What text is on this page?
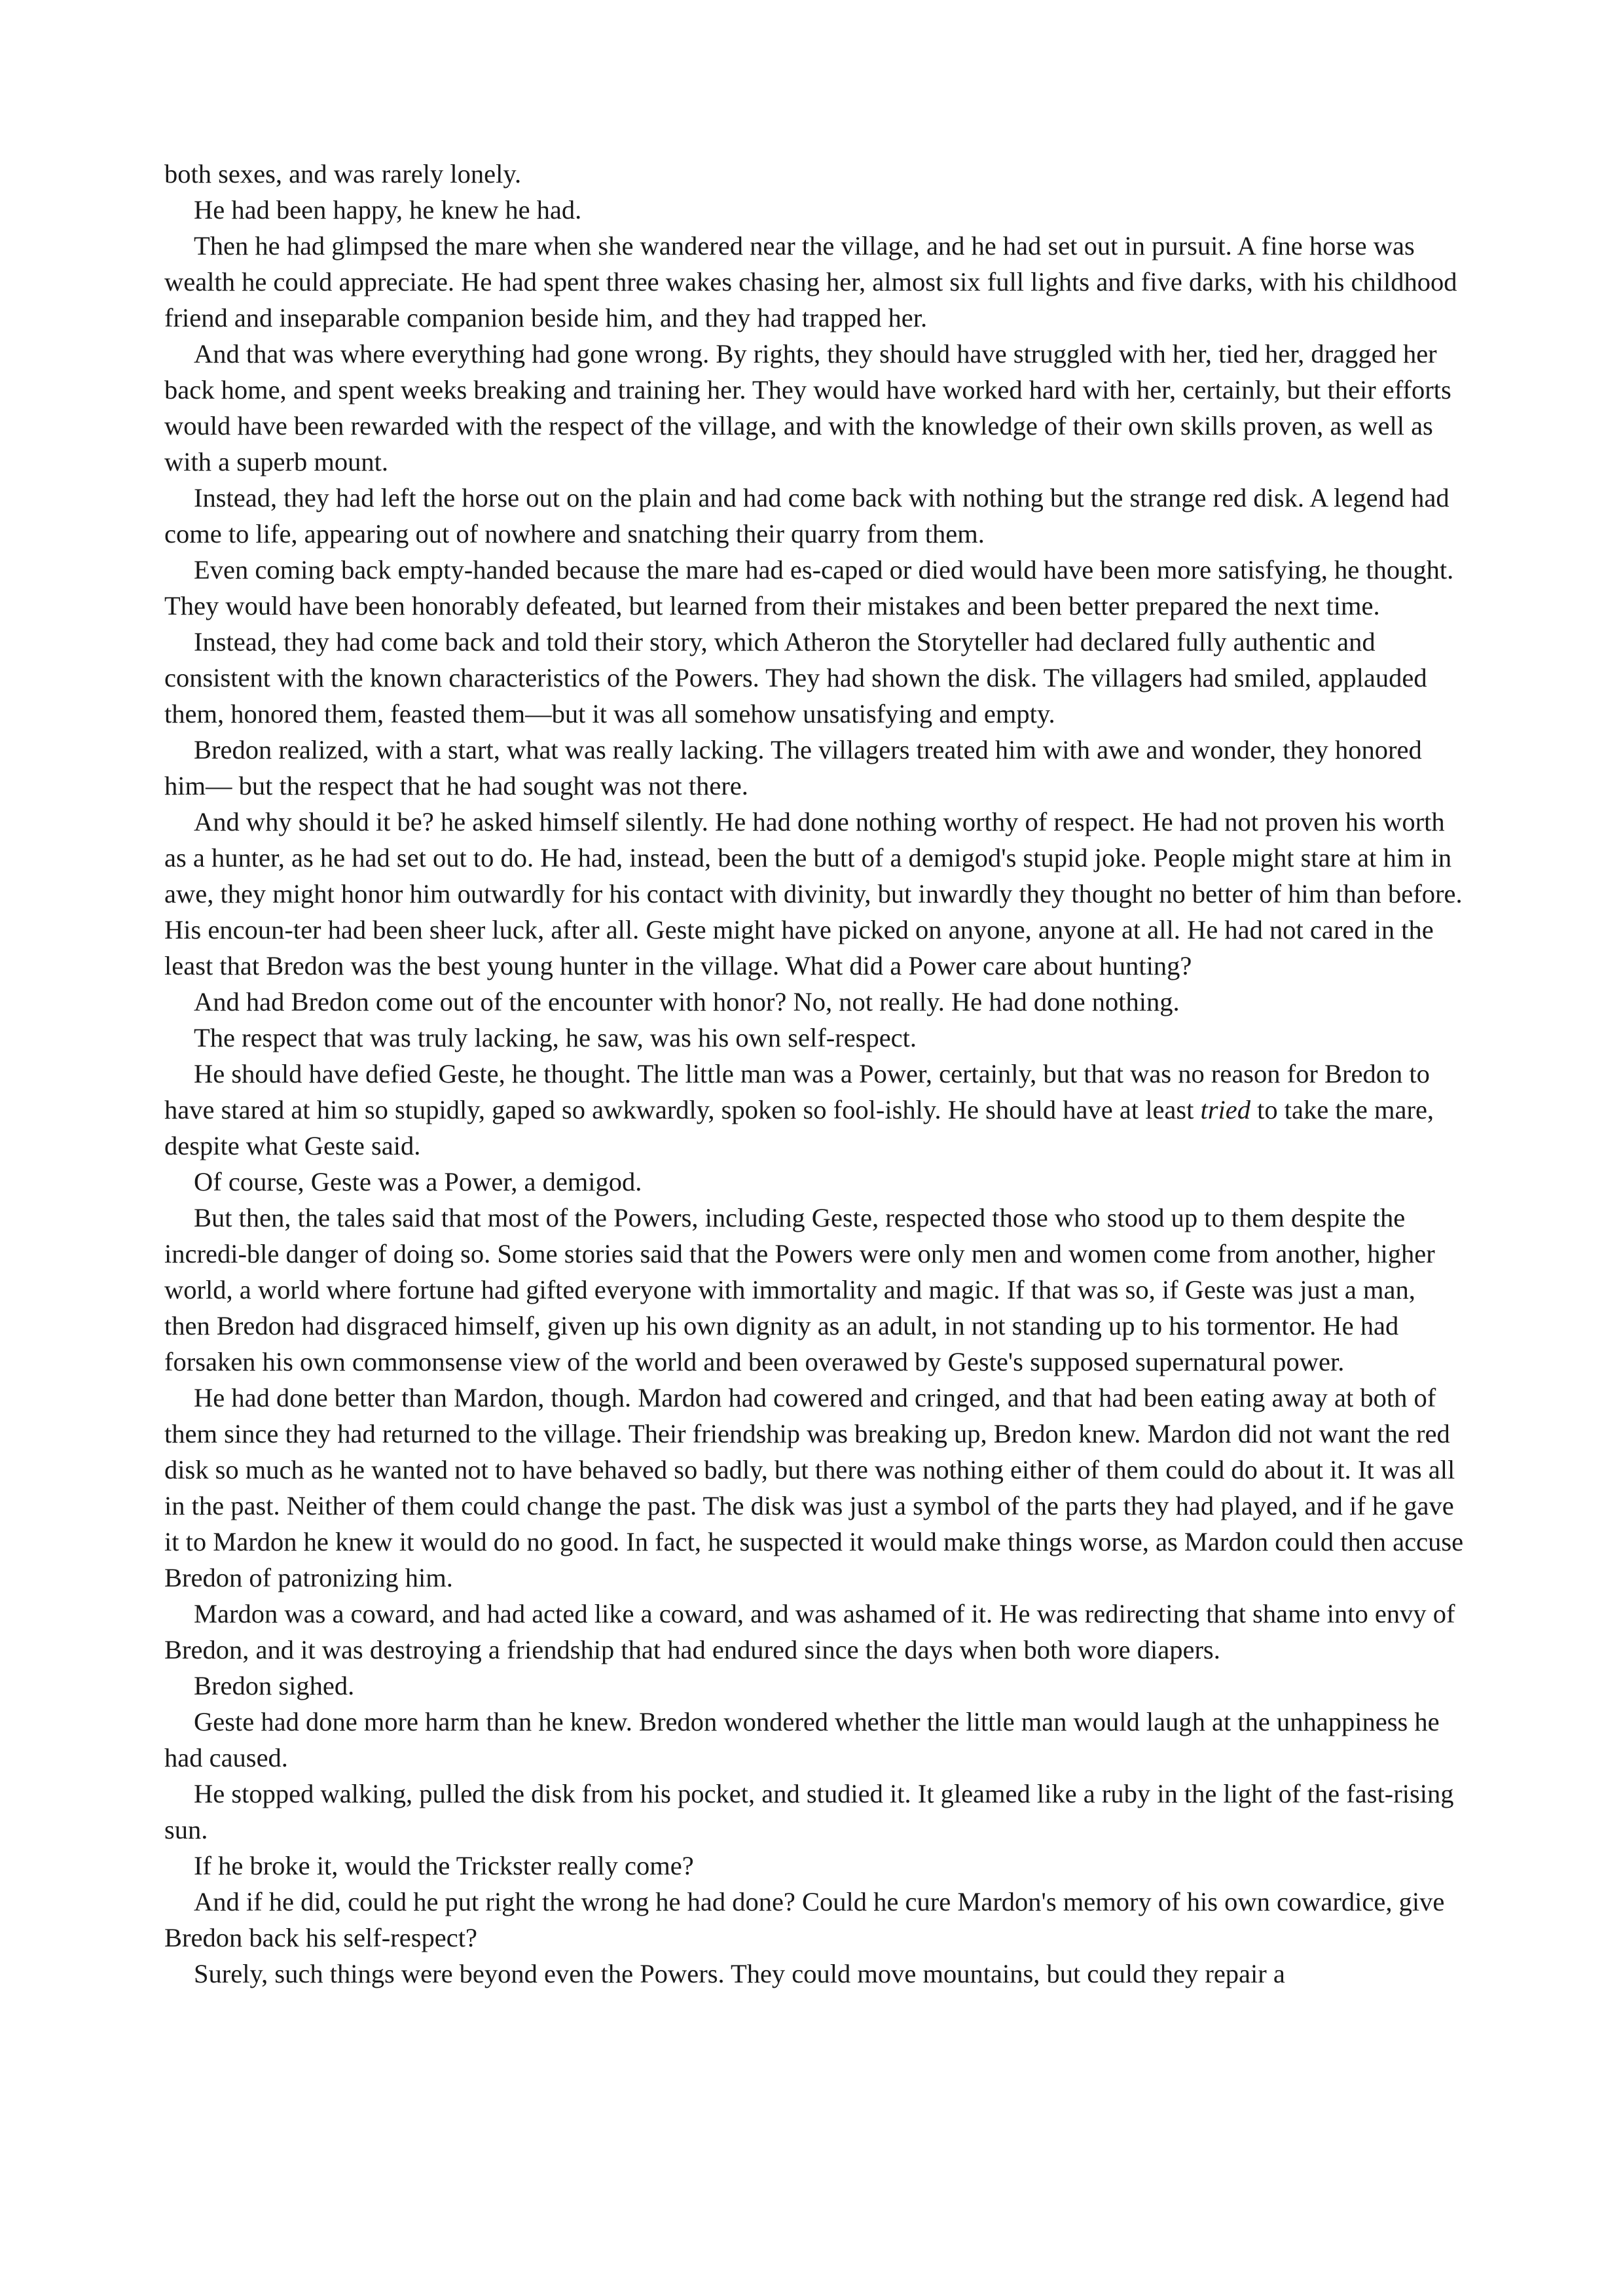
both sexes, and was rarely lonely.

He had been happy, he knew he had.

Then he had glimpsed the mare when she wandered near the village, and he had set out in pursuit. A fine horse was wealth he could appreciate. He had spent three wakes chasing her, almost six full lights and five darks, with his childhood friend and inseparable companion beside him, and they had trapped her.

And that was where everything had gone wrong. By rights, they should have struggled with her, tied her, dragged her back home, and spent weeks breaking and training her. They would have worked hard with her, certainly, but their efforts would have been rewarded with the respect of the village, and with the knowledge of their own skills proven, as well as with a superb mount.

Instead, they had left the horse out on the plain and had come back with nothing but the strange red disk. A legend had come to life, appearing out of nowhere and snatching their quarry from them.

Even coming back empty-handed because the mare had es-caped or died would have been more satisfying, he thought. They would have been honorably defeated, but learned from their mistakes and been better prepared the next time.

Instead, they had come back and told their story, which Atheron the Storyteller had declared fully authentic and consistent with the known characteristics of the Powers. They had shown the disk. The villagers had smiled, applauded them, honored them, feasted them—but it was all somehow unsatisfying and empty.

Bredon realized, with a start, what was really lacking. The villagers treated him with awe and wonder, they honored him— but the respect that he had sought was not there.

And why should it be? he asked himself silently. He had done nothing worthy of respect. He had not proven his worth as a hunter, as he had set out to do. He had, instead, been the butt of a demigod's stupid joke. People might stare at him in awe, they might honor him outwardly for his contact with divinity, but inwardly they thought no better of him than before. His encoun-ter had been sheer luck, after all. Geste might have picked on anyone, anyone at all. He had not cared in the least that Bredon was the best young hunter in the village. What did a Power care about hunting?

And had Bredon come out of the encounter with honor? No, not really. He had done nothing.

The respect that was truly lacking, he saw, was his own self-respect.

He should have defied Geste, he thought. The little man was a Power, certainly, but that was no reason for Bredon to have stared at him so stupidly, gaped so awkwardly, spoken so fool-ishly. He should have at least tried to take the mare, despite what Geste said.

Of course, Geste was a Power, a demigod.

But then, the tales said that most of the Powers, including Geste, respected those who stood up to them despite the incredi-ble danger of doing so. Some stories said that the Powers were only men and women come from another, higher world, a world where fortune had gifted everyone with immortality and magic. If that was so, if Geste was just a man, then Bredon had disgraced himself, given up his own dignity as an adult, in not standing up to his tormentor. He had forsaken his own commonsense view of the world and been overawed by Geste's supposed supernatural power.

He had done better than Mardon, though. Mardon had cowered and cringed, and that had been eating away at both of them since they had returned to the village. Their friendship was breaking up, Bredon knew. Mardon did not want the red disk so much as he wanted not to have behaved so badly, but there was nothing either of them could do about it. It was all in the past. Neither of them could change the past. The disk was just a symbol of the parts they had played, and if he gave it to Mardon he knew it would do no good. In fact, he suspected it would make things worse, as Mardon could then accuse Bredon of patronizing him.

Mardon was a coward, and had acted like a coward, and was ashamed of it. He was redirecting that shame into envy of Bredon, and it was destroying a friendship that had endured since the days when both wore diapers.

Bredon sighed.

Geste had done more harm than he knew. Bredon wondered whether the little man would laugh at the unhappiness he had caused.

He stopped walking, pulled the disk from his pocket, and studied it. It gleamed like a ruby in the light of the fast-rising sun.

If he broke it, would the Trickster really come?

And if he did, could he put right the wrong he had done? Could he cure Mardon's memory of his own cowardice, give Bredon back his self-respect?

Surely, such things were beyond even the Powers. They could move mountains, but could they repair a
